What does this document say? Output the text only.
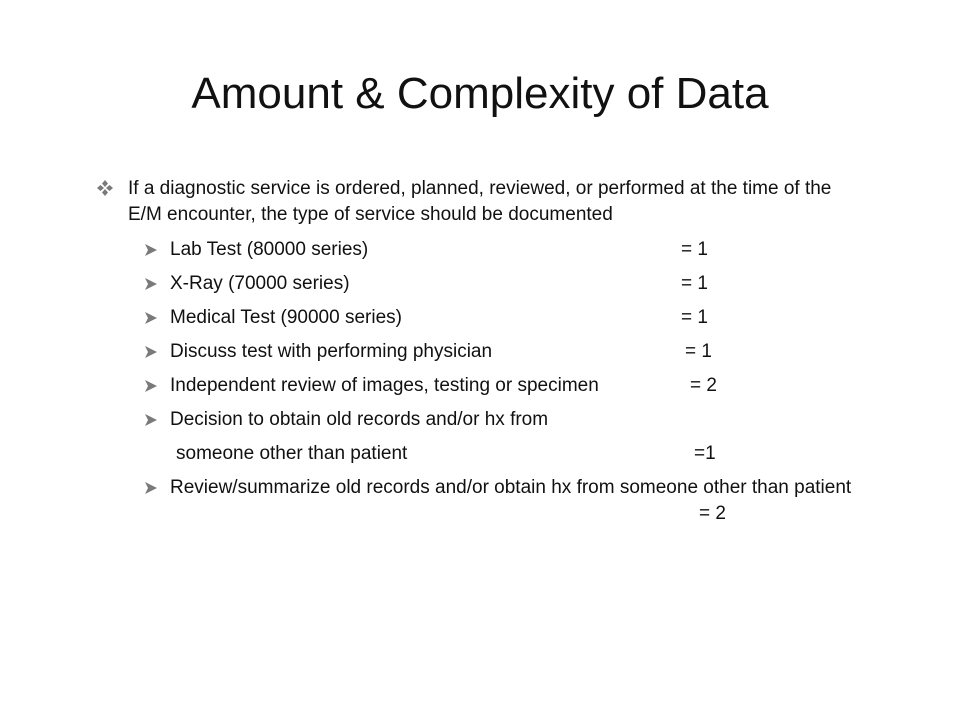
Amount & Complexity of Data
If a diagnostic service is ordered, planned, reviewed, or performed at the time of the E/M encounter, the type of service should be documented
Lab Test (80000 series)	= 1
X-Ray (70000 series)	= 1
Medical Test (90000 series)	= 1
Discuss test with performing physician	= 1
Independent review of images, testing or specimen	= 2
Decision to obtain old records and/or hx from
someone other than patient	=1
Review/summarize old records and/or obtain hx from someone other than patient
= 2
